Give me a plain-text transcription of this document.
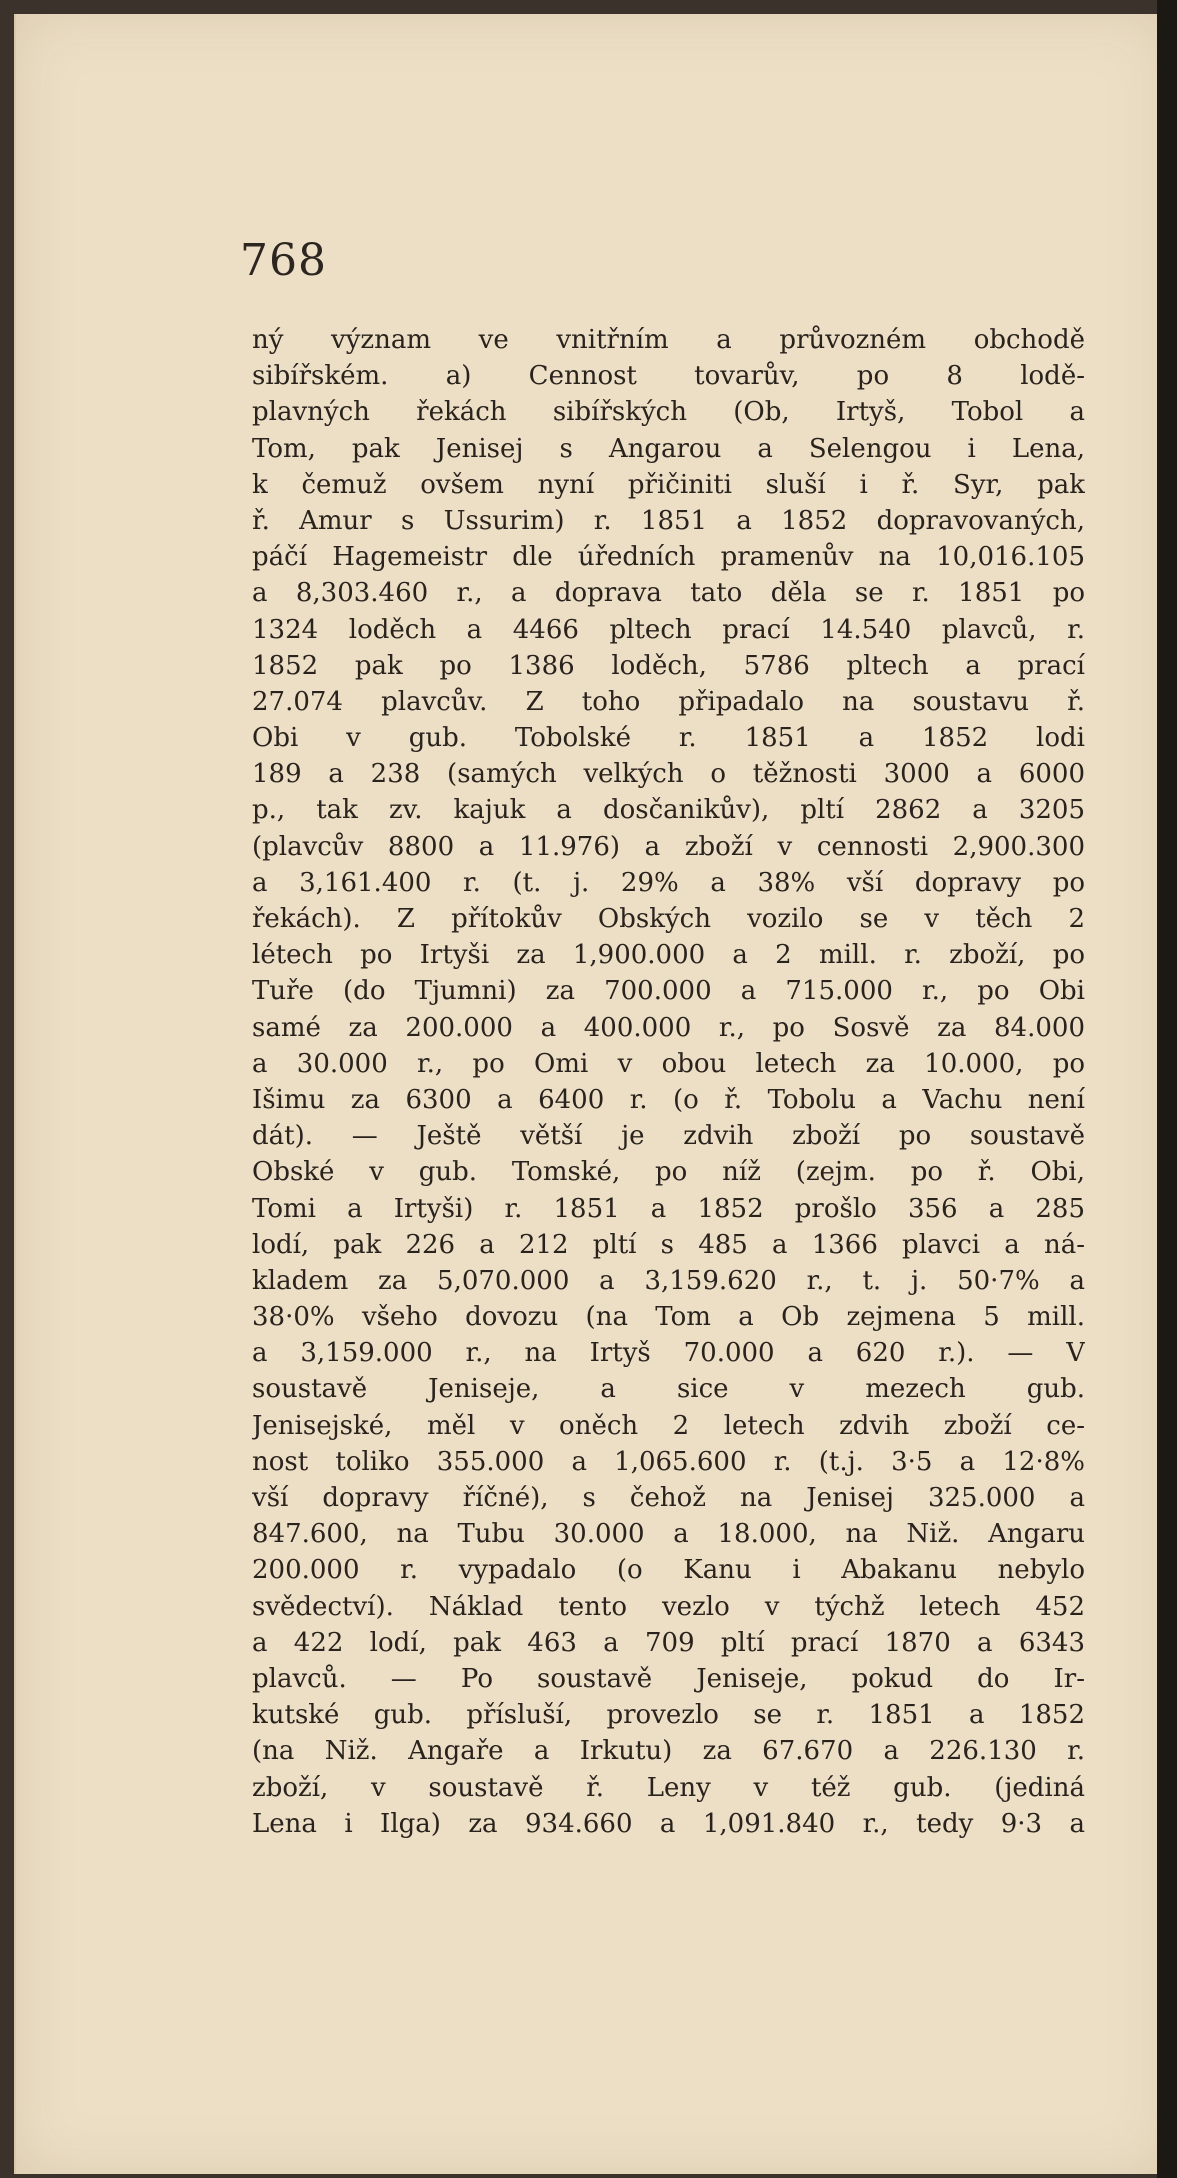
768
ný význam ve vnitřním a průvozném obchodě
sibířském. a) Cennost tovarův, po 8 lodě-
plavných řekách sibířských (Ob, Irtyš, Tobol a
Tom, pak Jenisej s Angarou a Selengou i Lena,
k čemuž ovšem nyní přičiniti sluší i ř. Syr, pak
ř. Amur s Ussurim) r. 1851 a 1852 dopravovaných,
páčí Hagemeistr dle úředních pramenův na 10,016.105
a 8,303.460 r., a doprava tato děla se r. 1851 po
1324 loděch a 4466 pltech prací 14.540 plavců, r.
1852 pak po 1386 loděch, 5786 pltech a prací
27.074 plavcův. Z toho připadalo na soustavu ř.
Obi v gub. Tobolské r. 1851 a 1852 lodi
189 a 238 (samých velkých o těžnosti 3000 a 6000
p., tak zv. kajuk a dosčanikův), pltí 2862 a 3205
(plavcův 8800 a 11.976) a zboží v cennosti 2,900.300
a 3,161.400 r. (t. j. 29% a 38% vší dopravy po
řekách). Z přítokův Obských vozilo se v těch 2
létech po Irtyši za 1,900.000 a 2 mill. r. zboží, po
Tuře (do Tjumni) za 700.000 a 715.000 r., po Obi
samé za 200.000 a 400.000 r., po Sosvě za 84.000
a 30.000 r., po Omi v obou letech za 10.000, po
Išimu za 6300 a 6400 r. (o ř. Tobolu a Vachu není
dát). — Ještě větší je zdvih zboží po soustavě
Obské v gub. Tomské, po níž (zejm. po ř. Obi,
Tomi a Irtyši) r. 1851 a 1852 prošlo 356 a 285
lodí, pak 226 a 212 pltí s 485 a 1366 plavci a ná-
kladem za 5,070.000 a 3,159.620 r., t. j. 50·7% a
38·0% všeho dovozu (na Tom a Ob zejmena 5 mill.
a 3,159.000 r., na Irtyš 70.000 a 620 r.). — V
soustavě Jeniseje, a sice v mezech gub.
Jenisejské, měl v oněch 2 letech zdvih zboží ce-
nost toliko 355.000 a 1,065.600 r. (t.j. 3·5 a 12·8%
vší dopravy říčné), s čehož na Jenisej 325.000 a
847.600, na Tubu 30.000 a 18.000, na Niž. Angaru
200.000 r. vypadalo (o Kanu i Abakanu nebylo
svědectví). Náklad tento vezlo v týchž letech 452
a 422 lodí, pak 463 a 709 pltí prací 1870 a 6343
plavců. — Po soustavě Jeniseje, pokud do Ir-
kutské gub. přísluší, provezlo se r. 1851 a 1852
(na Niž. Angaře a Irkutu) za 67.670 a 226.130 r.
zboží, v soustavě ř. Leny v též gub. (jediná
Lena i Ilga) za 934.660 a 1,091.840 r., tedy 9·3 a
